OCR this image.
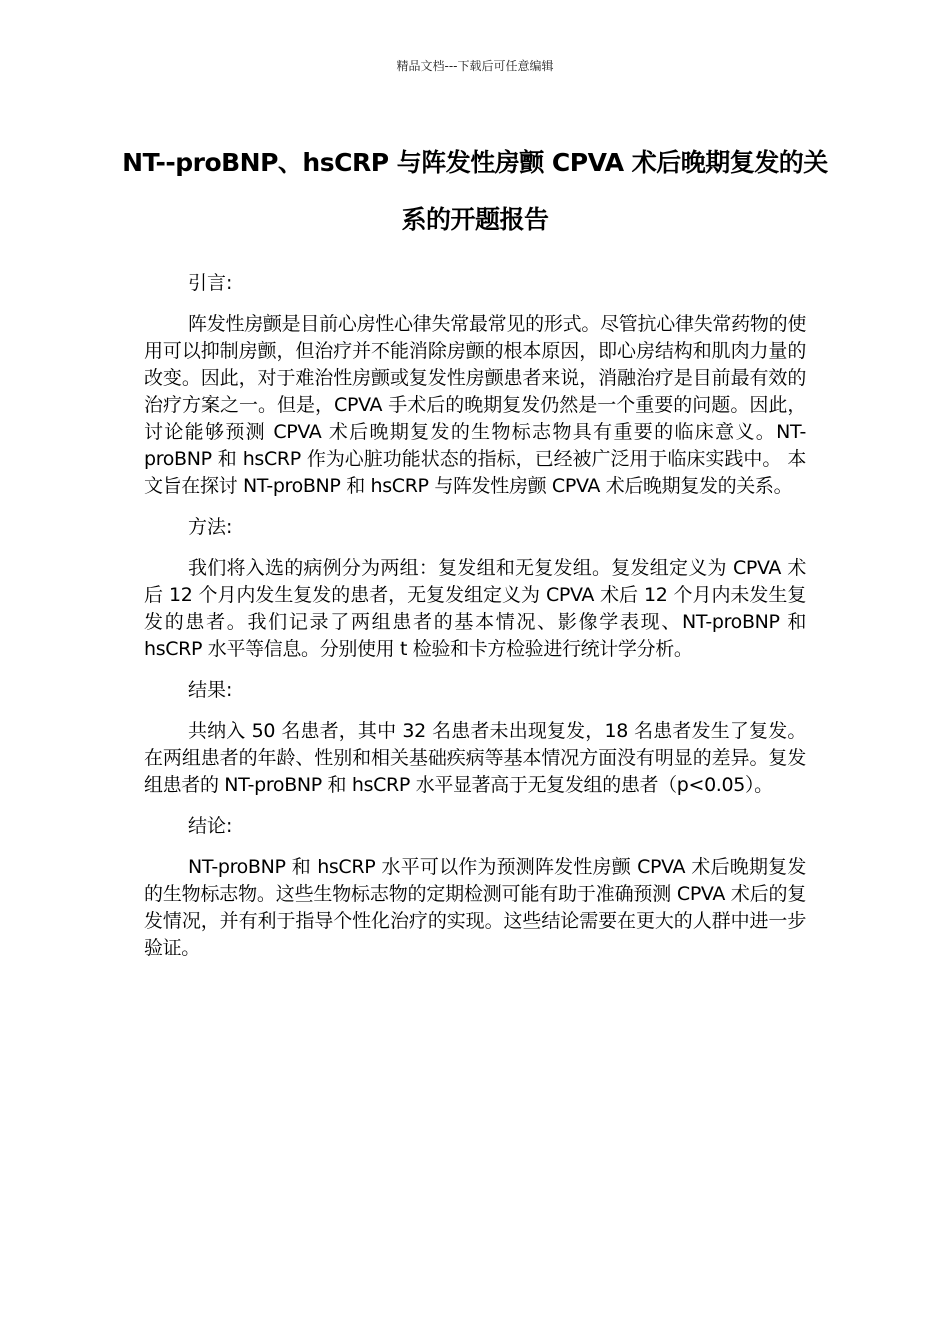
精品文档---下载后可任意编辑
NT--proBNP、hsCRP 与阵发性房颤 CPVA 术后晚期复发的关系的开题报告
引言:
阵发性房颤是目前心房性心律失常最常见的形式。尽管抗心律失常药物的使用可以抑制房颤，但治疗并不能消除房颤的根本原因，即心房结构和肌肉力量的改变。因此，对于难治性房颤或复发性房颤患者来说，消融治疗是目前最有效的治疗方案之一。但是，CPVA 手术后的晚期复发仍然是一个重要的问题。因此，讨论能够预测 CPVA 术后晚期复发的生物标志物具有重要的临床意义。NT-proBNP 和 hsCRP 作为心脏功能状态的指标，已经被广泛用于临床实践中。 本文旨在探讨 NT-proBNP 和 hsCRP 与阵发性房颤 CPVA 术后晚期复发的关系。
方法:
我们将入选的病例分为两组：复发组和无复发组。复发组定义为 CPVA 术后 12 个月内发生复发的患者，无复发组定义为 CPVA 术后 12 个月内未发生复发的患者。我们记录了两组患者的基本情况、影像学表现、NT-proBNP 和 hsCRP 水平等信息。分别使用 t 检验和卡方检验进行统计学分析。
结果:
共纳入 50 名患者，其中 32 名患者未出现复发，18 名患者发生了复发。在两组患者的年龄、性别和相关基础疾病等基本情况方面没有明显的差异。复发组患者的 NT-proBNP 和 hsCRP 水平显著高于无复发组的患者（p<0.05）。
结论:
NT-proBNP 和 hsCRP 水平可以作为预测阵发性房颤 CPVA 术后晚期复发的生物标志物。这些生物标志物的定期检测可能有助于准确预测 CPVA 术后的复发情况，并有利于指导个性化治疗的实现。这些结论需要在更大的人群中进一步验证。
